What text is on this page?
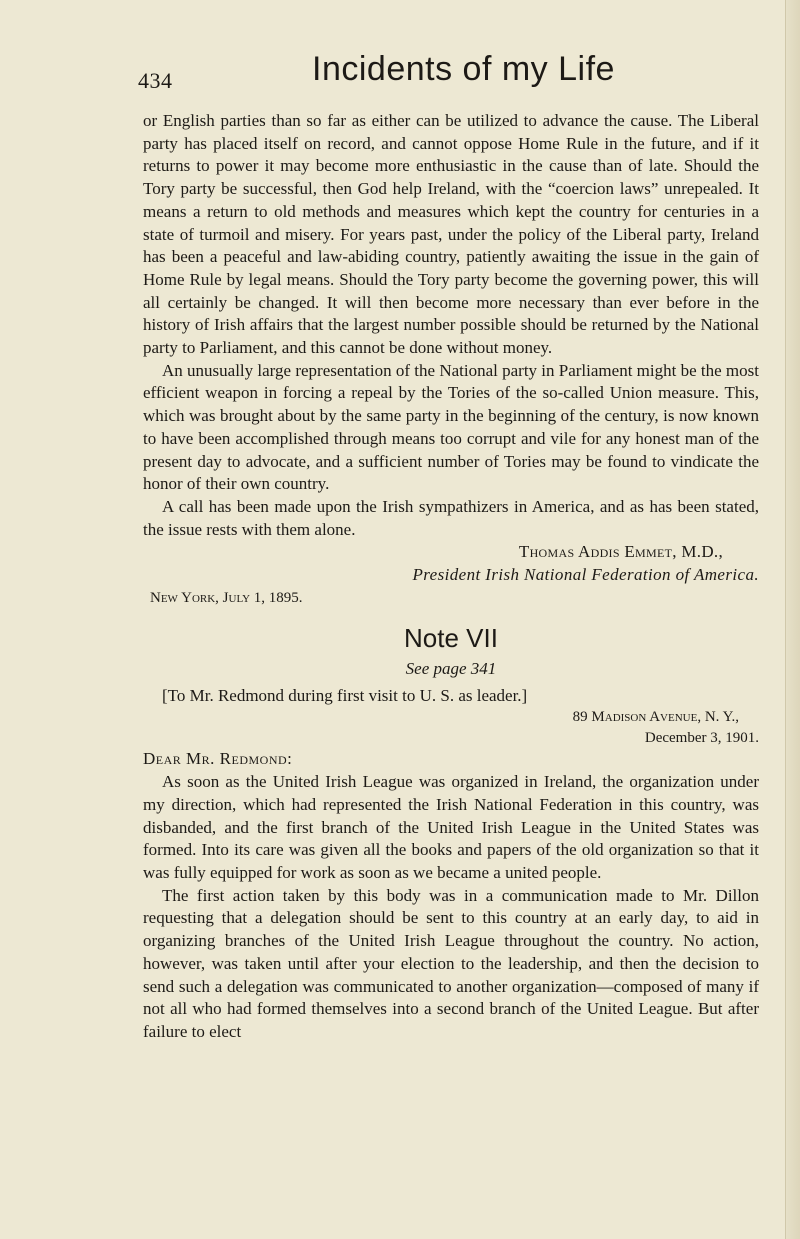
434	Incidents of my Life

or English parties than so far as either can be utilized to advance the cause. The Liberal party has placed itself on record, and cannot oppose Home Rule in the future, and if it returns to power it may become more enthusiastic in the cause than of late. Should the Tory party be successful, then God help Ireland, with the “coercion laws” unrepealed. It means a return to old methods and measures which kept the country for centuries in a state of turmoil and misery. For years past, under the policy of the Liberal party, Ireland has been a peaceful and law-abiding country, patiently awaiting the issue in the gain of Home Rule by legal means. Should the Tory party become the governing power, this will all certainly be changed. It will then become more necessary than ever before in the history of Irish affairs that the largest number possible should be returned by the National party to Parliament, and this cannot be done without money.

An unusually large representation of the National party in Parliament might be the most efficient weapon in forcing a repeal by the Tories of the so-called Union measure. This, which was brought about by the same party in the beginning of the century, is now known to have been accomplished through means too corrupt and vile for any honest man of the present day to advocate, and a sufficient number of Tories may be found to vindicate the honor of their own country.

A call has been made upon the Irish sympathizers in America, and as has been stated, the issue rests with them alone.

Thomas Addis Emmet, M.D.,

President Irish National Federation of America.

New York, July 1, 1895.

Note VII
See page 341

[To Mr. Redmond during first visit to U. S. as leader.]

89 Madison Avenue, N. Y.,

December 3, 1901.

Dear Mr. Redmond:

As soon as the United Irish League was organized in Ireland, the organization under my direction, which had represented the Irish National Federation in this country, was disbanded, and the first branch of the United Irish League in the United States was formed. Into its care was given all the books and papers of the old organization so that it was fully equipped for work as soon as we became a united people.

The first action taken by this body was in a communication made to Mr. Dillon requesting that a delegation should be sent to this country at an early day, to aid in organizing branches of the United Irish League throughout the country. No action, however, was taken until after your election to the leadership, and then the decision to send such a delegation was communicated to another organization—composed of many if not all who had formed themselves into a second branch of the United League. But after failure to elect
